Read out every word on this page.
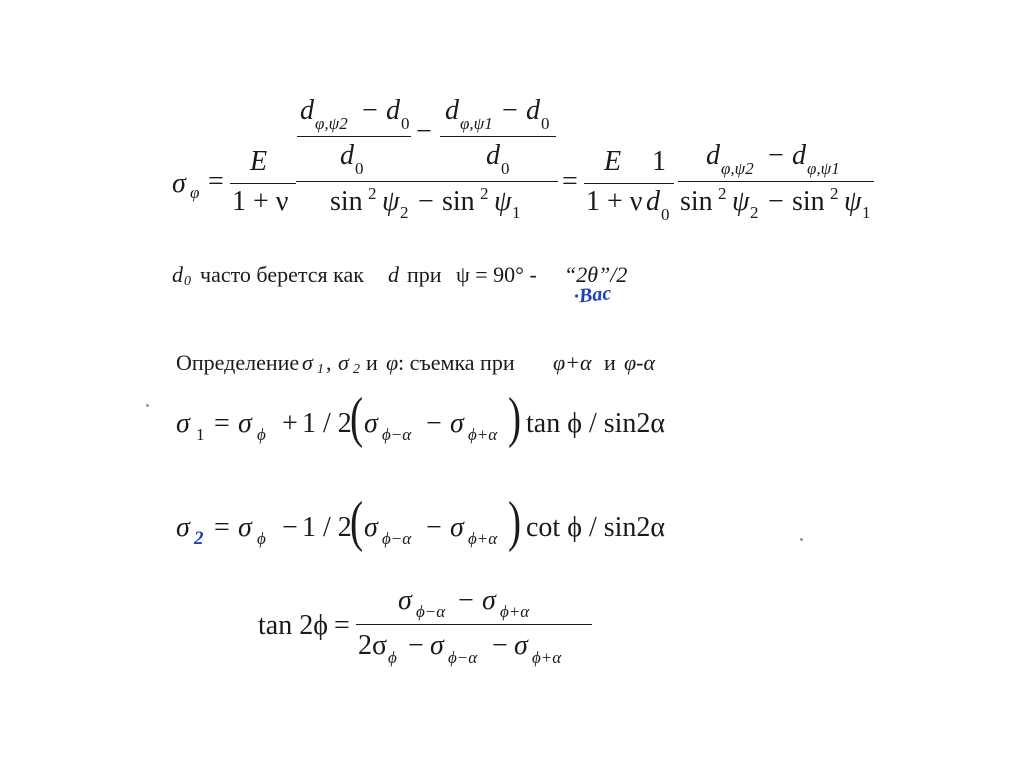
σ φ =
E
1 + ν
d φ,ψ2 − d 0
d 0
−
d φ,ψ1 − d 0
d 0
sin 2 ψ 2 − sin 2 ψ 1
=
E
1 + ν
1
d 0
d φ,ψ2 − d φ,ψ1
sin 2 ψ 2 − sin 2 ψ 1
d 0 часто берется как d при ψ = 90° - “2θ”/2
·Bac
Определение σ 1 , σ 2 и φ : съемка при φ+α и φ-α
σ 1 = σ ϕ + 1 / 2
( σ ϕ−α − σ ϕ+α ) tan ϕ / sin2α
σ 2 = σ ϕ − 1 / 2
( σ ϕ−α − σ ϕ+α ) cot ϕ / sin2α
tan 2ϕ =
σ ϕ−α − σ ϕ+α
2σ ϕ − σ ϕ−α − σ ϕ+α
